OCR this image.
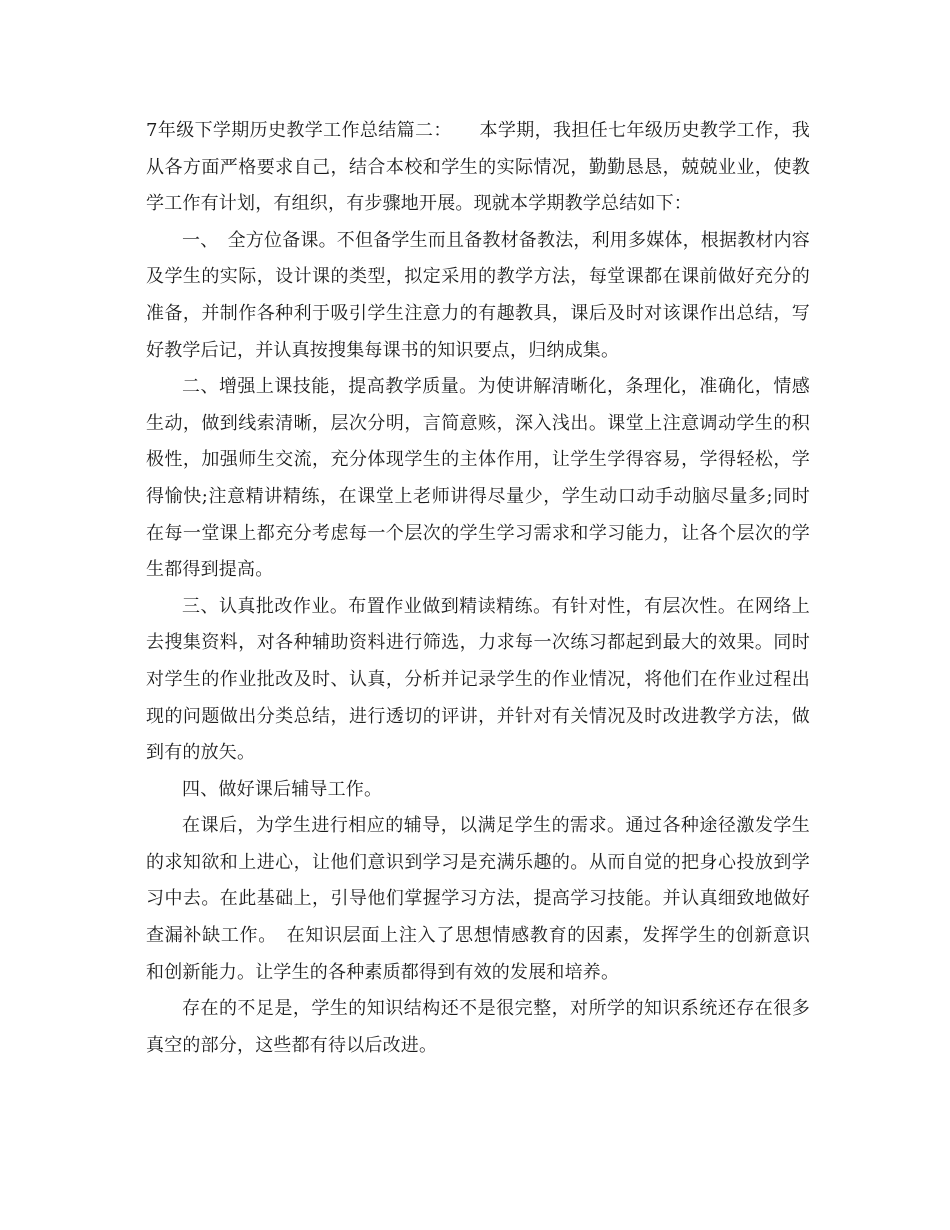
7年级下学期历史教学工作总结篇二：　　本学期，我担任七年级历史教学工作，我从各方面严格要求自己，结合本校和学生的实际情况，勤勤恳恳，兢兢业业，使教学工作有计划，有组织，有步骤地开展。现就本学期教学总结如下：

一、　全方位备课。不但备学生而且备教材备教法，利用多媒体，根据教材内容及学生的实际，设计课的类型，拟定采用的教学方法，每堂课都在课前做好充分的准备，并制作各种利于吸引学生注意力的有趣教具，课后及时对该课作出总结，写好教学后记，并认真按搜集每课书的知识要点，归纳成集。

二、增强上课技能，提高教学质量。为使讲解清晰化，条理化，准确化，情感生动，做到线索清晰，层次分明，言简意赅，深入浅出。课堂上注意调动学生的积极性，加强师生交流，充分体现学生的主体作用，让学生学得容易，学得轻松，学得愉快;注意精讲精练，在课堂上老师讲得尽量少，学生动口动手动脑尽量多;同时在每一堂课上都充分考虑每一个层次的学生学习需求和学习能力，让各个层次的学生都得到提高。

三、认真批改作业。布置作业做到精读精练。有针对性，有层次性。在网络上去搜集资料，对各种辅助资料进行筛选，力求每一次练习都起到最大的效果。同时对学生的作业批改及时、认真，分析并记录学生的作业情况，将他们在作业过程出现的问题做出分类总结，进行透切的评讲，并针对有关情况及时改进教学方法，做到有的放矢。

四、做好课后辅导工作。

在课后，为学生进行相应的辅导，以满足学生的需求。通过各种途径激发学生的求知欲和上进心，让他们意识到学习是充满乐趣的。从而自觉的把身心投放到学习中去。在此基础上，引导他们掌握学习方法，提高学习技能。并认真细致地做好查漏补缺工作。　在知识层面上注入了思想情感教育的因素，发挥学生的创新意识和创新能力。让学生的各种素质都得到有效的发展和培养。

存在的不足是，学生的知识结构还不是很完整，对所学的知识系统还存在很多真空的部分，这些都有待以后改进。
